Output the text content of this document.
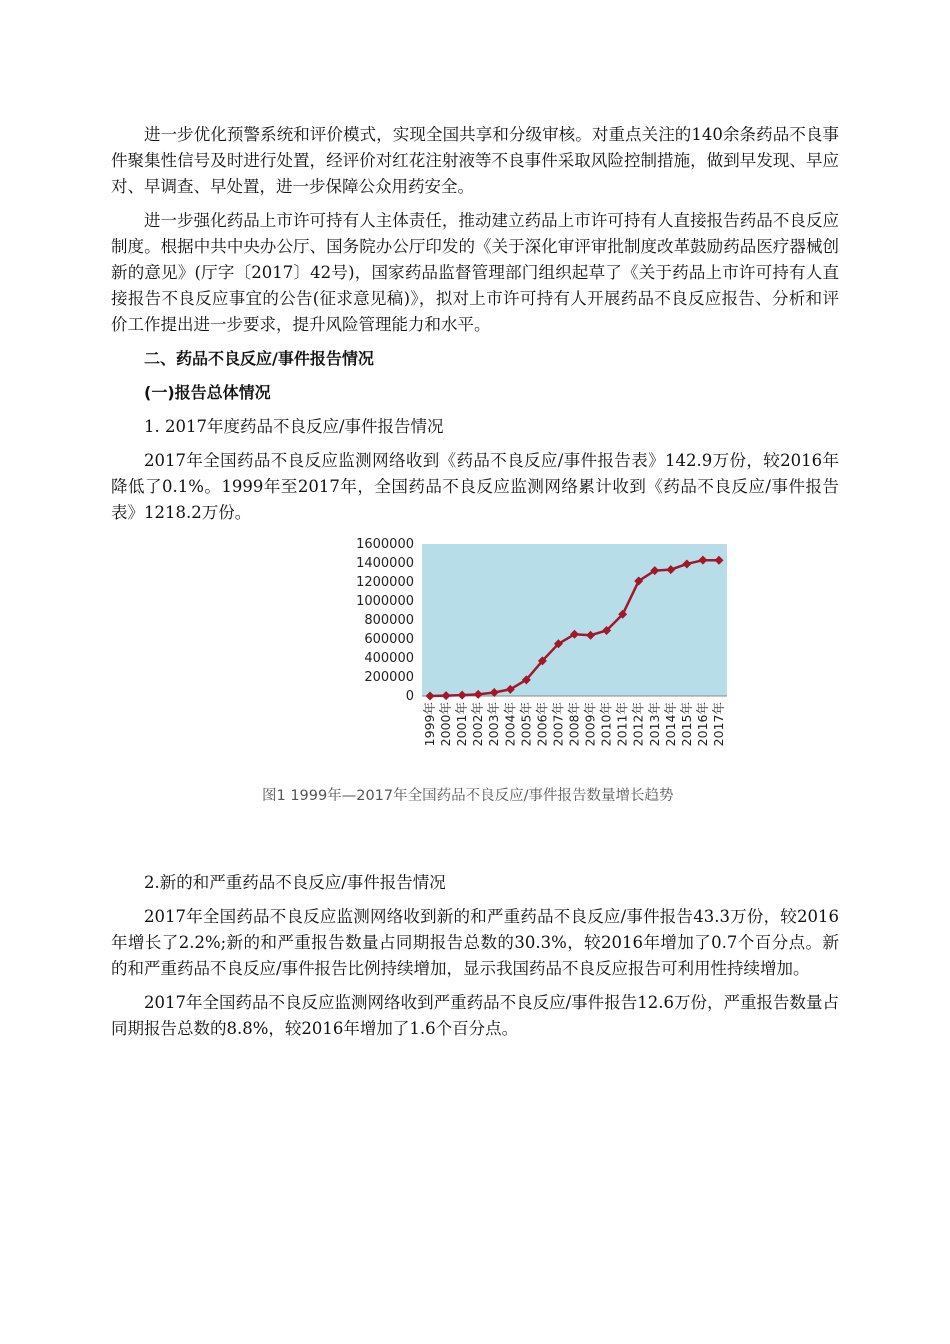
进一步优化预警系统和评价模式，实现全国共享和分级审核。对重点关注的140余条药品不良事件聚集性信号及时进行处置，经评价对红花注射液等不良事件采取风险控制措施，做到早发现、早应对、早调查、早处置，进一步保障公众用药安全。

进一步强化药品上市许可持有人主体责任，推动建立药品上市许可持有人直接报告药品不良反应制度。根据中共中央办公厅、国务院办公厅印发的《关于深化审评审批制度改革鼓励药品医疗器械创新的意见》(厅字〔2017〕42号)，国家药品监督管理部门组织起草了《关于药品上市许可持有人直接报告不良反应事宜的公告(征求意见稿)》，拟对上市许可持有人开展药品不良反应报告、分析和评价工作提出进一步要求，提升风险管理能力和水平。

二、药品不良反应/事件报告情况

(一)报告总体情况

1. 2017年度药品不良反应/事件报告情况

2017年全国药品不良反应监测网络收到《药品不良反应/事件报告表》142.9万份，较2016年降低了0.1%。1999年至2017年，全国药品不良反应监测网络累计收到《药品不良反应/事件报告表》1218.2万份。

0
200000
400000
600000
800000
1000000
1200000
1400000
1600000
1999年 2000年 2001年 2002年 2003年 2004年 2005年 2006年 2007年 2008年 2009年 2010年 2011年 2012年 2013年 2014年 2015年 2016年 2017年
图1 1999年—2017年全国药品不良反应/事件报告数量增长趋势

2.新的和严重药品不良反应/事件报告情况

2017年全国药品不良反应监测网络收到新的和严重药品不良反应/事件报告43.3万份，较2016年增长了2.2%;新的和严重报告数量占同期报告总数的30.3%，较2016年增加了0.7个百分点。新的和严重药品不良反应/事件报告比例持续增加，显示我国药品不良反应报告可利用性持续增加。

2017年全国药品不良反应监测网络收到严重药品不良反应/事件报告12.6万份，严重报告数量占同期报告总数的8.8%，较2016年增加了1.6个百分点。
